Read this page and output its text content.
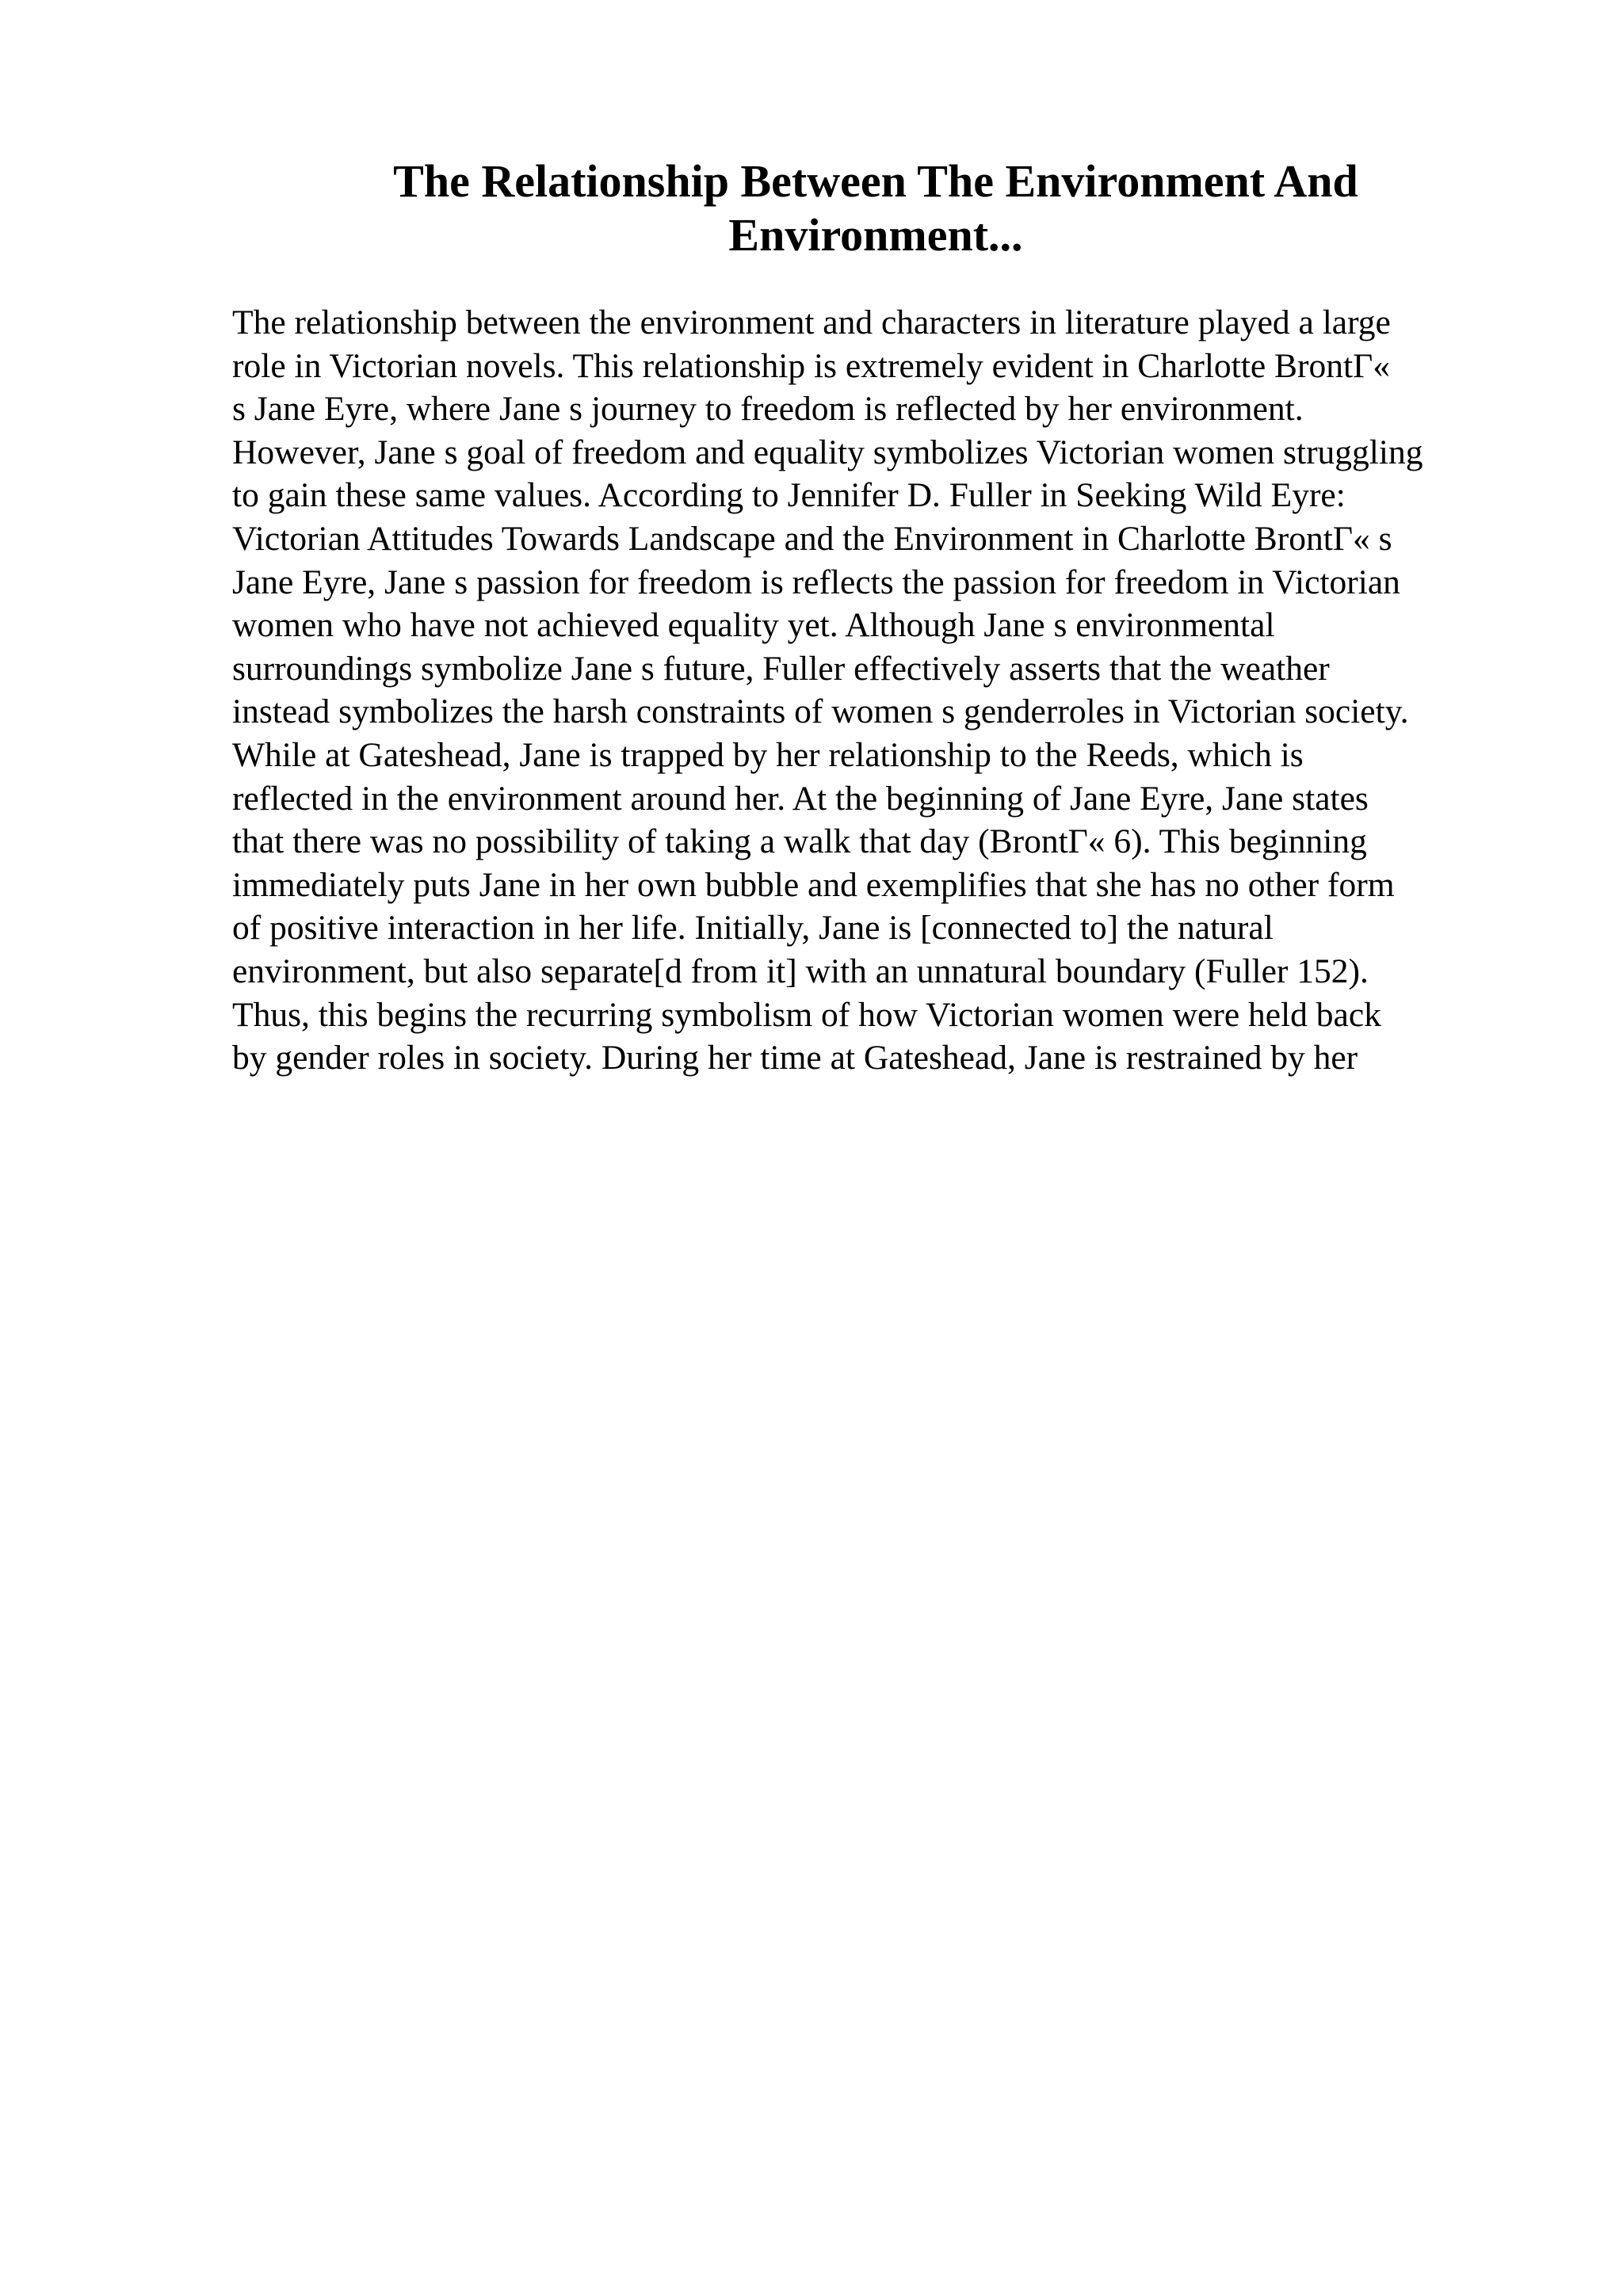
The Relationship Between The Environment And
Environment...
The relationship between the environment and characters in literature played a large
role in Victorian novels. This relationship is extremely evident in Charlotte BrontΓ«
s Jane Eyre, where Jane s journey to freedom is reflected by her environment.
However, Jane s goal of freedom and equality symbolizes Victorian women struggling
to gain these same values. According to Jennifer D. Fuller in Seeking Wild Eyre:
Victorian Attitudes Towards Landscape and the Environment in Charlotte BrontΓ« s
Jane Eyre, Jane s passion for freedom is reflects the passion for freedom in Victorian
women who have not achieved equality yet. Although Jane s environmental
surroundings symbolize Jane s future, Fuller effectively asserts that the weather
instead symbolizes the harsh constraints of women s genderroles in Victorian society.
While at Gateshead, Jane is trapped by her relationship to the Reeds, which is
reflected in the environment around her. At the beginning of Jane Eyre, Jane states
that there was no possibility of taking a walk that day (BrontΓ« 6). This beginning
immediately puts Jane in her own bubble and exemplifies that she has no other form
of positive interaction in her life. Initially, Jane is [connected to] the natural
environment, but also separate[d from it] with an unnatural boundary (Fuller 152).
Thus, this begins the recurring symbolism of how Victorian women were held back
by gender roles in society. During her time at Gateshead, Jane is restrained by her
